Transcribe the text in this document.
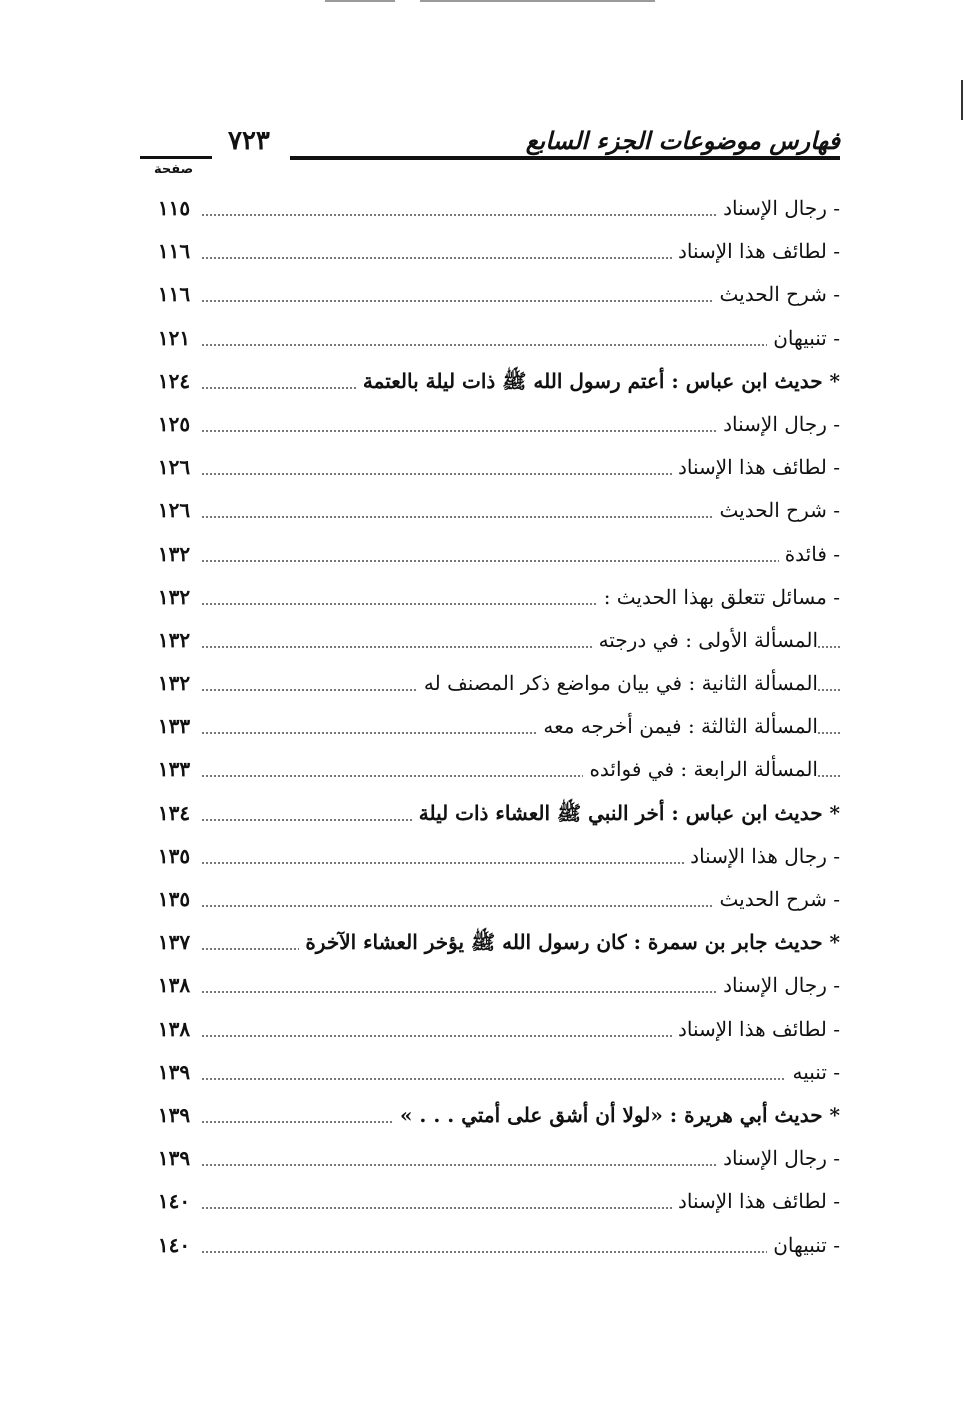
فهارس موضوعات الجزء السابع
٧٢٣
صفحة
- رجال الإسناد
١١٥
- لطائف هذا الإسناد
١١٦
- شرح الحديث
١١٦
- تنبيهان
١٢١
* حديث ابن عباس : أعتم رسول الله ﷺ ذات ليلة بالعتمة
١٢٤
- رجال الإسناد
١٢٥
- لطائف هذا الإسناد
١٢٦
- شرح الحديث
١٢٦
- فائدة
١٣٢
- مسائل تتعلق بهذا الحديث :
١٣٢
المسألة الأولى : في درجته
١٣٢
المسألة الثانية : في بيان مواضع ذكر المصنف له
١٣٢
المسألة الثالثة : فيمن أخرجه معه
١٣٣
المسألة الرابعة : في فوائده
١٣٣
* حديث ابن عباس : أخر النبي ﷺ العشاء ذات ليلة
١٣٤
- رجال هذا الإسناد
١٣٥
- شرح الحديث
١٣٥
* حديث جابر بن سمرة : كان رسول الله ﷺ يؤخر العشاء الآخرة
١٣٧
- رجال الإسناد
١٣٨
- لطائف هذا الإسناد
١٣٨
- تنبيه
١٣٩
* حديث أبي هريرة : «لولا أن أشق على أمتي . . . »
١٣٩
- رجال الإسناد
١٣٩
- لطائف هذا الإسناد
١٤٠
- تنبيهان
١٤٠
